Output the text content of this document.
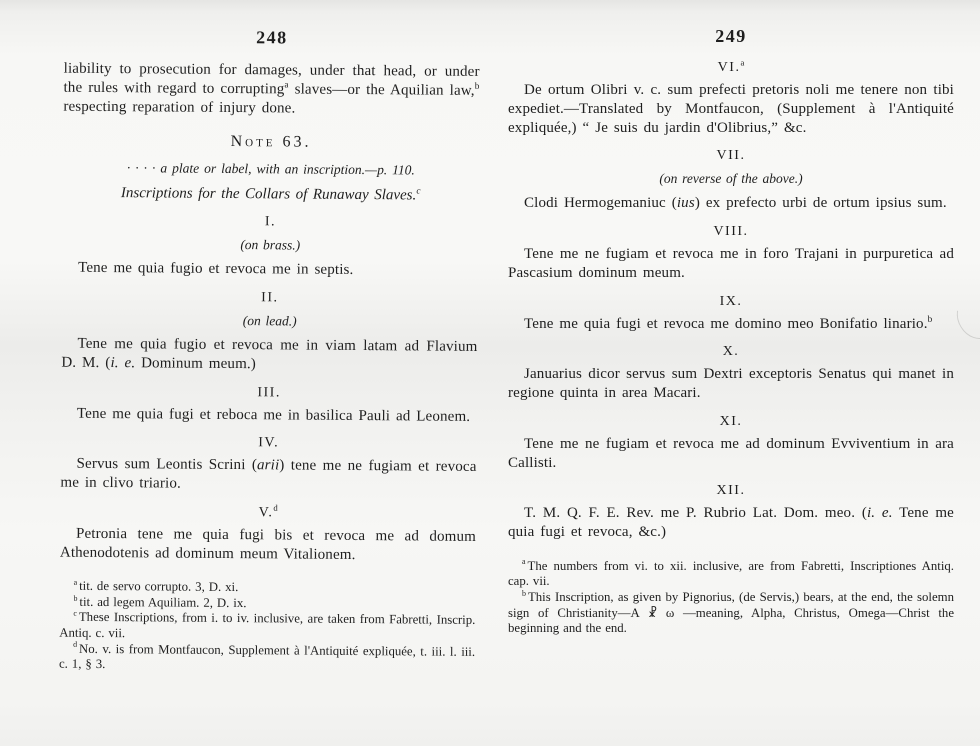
248

liability to prosecution for damages, under that head, or under the rules with regard to corrupting$^a$ slaves—or the Aquilian law,$^b$ respecting reparation of injury done.

Note 63.

· · · · a plate or label, with an inscription.—p. 110.

Inscriptions for the Collars of Runaway Slaves.$^c$

I.

(on brass.)

Tene me quia fugio et revoca me in septis.

II.

(on lead.)

Tene me quia fugio et revoca me in viam latam ad Flavium D. M. (i. e. Dominum meum.)

III.

Tene me quia fugi et reboca me in basilica Pauli ad Leonem.

IV.

Servus sum Leontis Scrini (arii) tene me ne fugiam et revoca me in clivo triario.

V.$^d$

Petronia tene me quia fugi bis et revoca me ad domum Athenodotenis ad dominum meum Vitalionem.

$^a$ tit. de servo corrupto. 3, D. xi.

$^b$ tit. ad legem Aquiliam. 2, D. ix.

$^c$ These Inscriptions, from i. to iv. inclusive, are taken from Fabretti, Inscrip. Antiq. c. vii.

$^d$ No. v. is from Montfaucon, Supplement à l'Antiquité expliquée, t. iii. l. iii. c. 1, § 3.

249
VI.$^a$

De ortum Olibri v. c. sum prefecti pretoris noli me tenere non tibi expediet.—Translated by Montfaucon, (Supplement à l'Antiquité expliquée,) “ Je suis du jardin d'Olibrius,” &c.

VII.

(on reverse of the above.)

Clodi Hermogemaniuc (ius) ex prefecto urbi de ortum ipsius sum.

VIII.

Tene me ne fugiam et revoca me in foro Trajani in purpuretica ad Pascasium dominum meum.

IX.

Tene me quia fugi et revoca me domino meo Bonifatio linario.$^b$

X.

Januarius dicor servus sum Dextri exceptoris Senatus qui manet in regione quinta in area Macari.

XI.

Tene me ne fugiam et revoca me ad dominum Evviventium in ara Callisti.

XII.

T. M. Q. F. E. Rev. me P. Rubrio Lat. Dom. meo. (i. e. Tene me quia fugi et revoca, &c.)

$^a$ The numbers from vi. to xii. inclusive, are from Fabretti, Inscriptiones Antiq. cap. vii.

$^b$ This Inscription, as given by Pignorius, (de Servis,) bears, at the end, the solemn sign of Christianity—A ☧ ω —meaning, Alpha, Christus, Omega—Christ the beginning and the end.
